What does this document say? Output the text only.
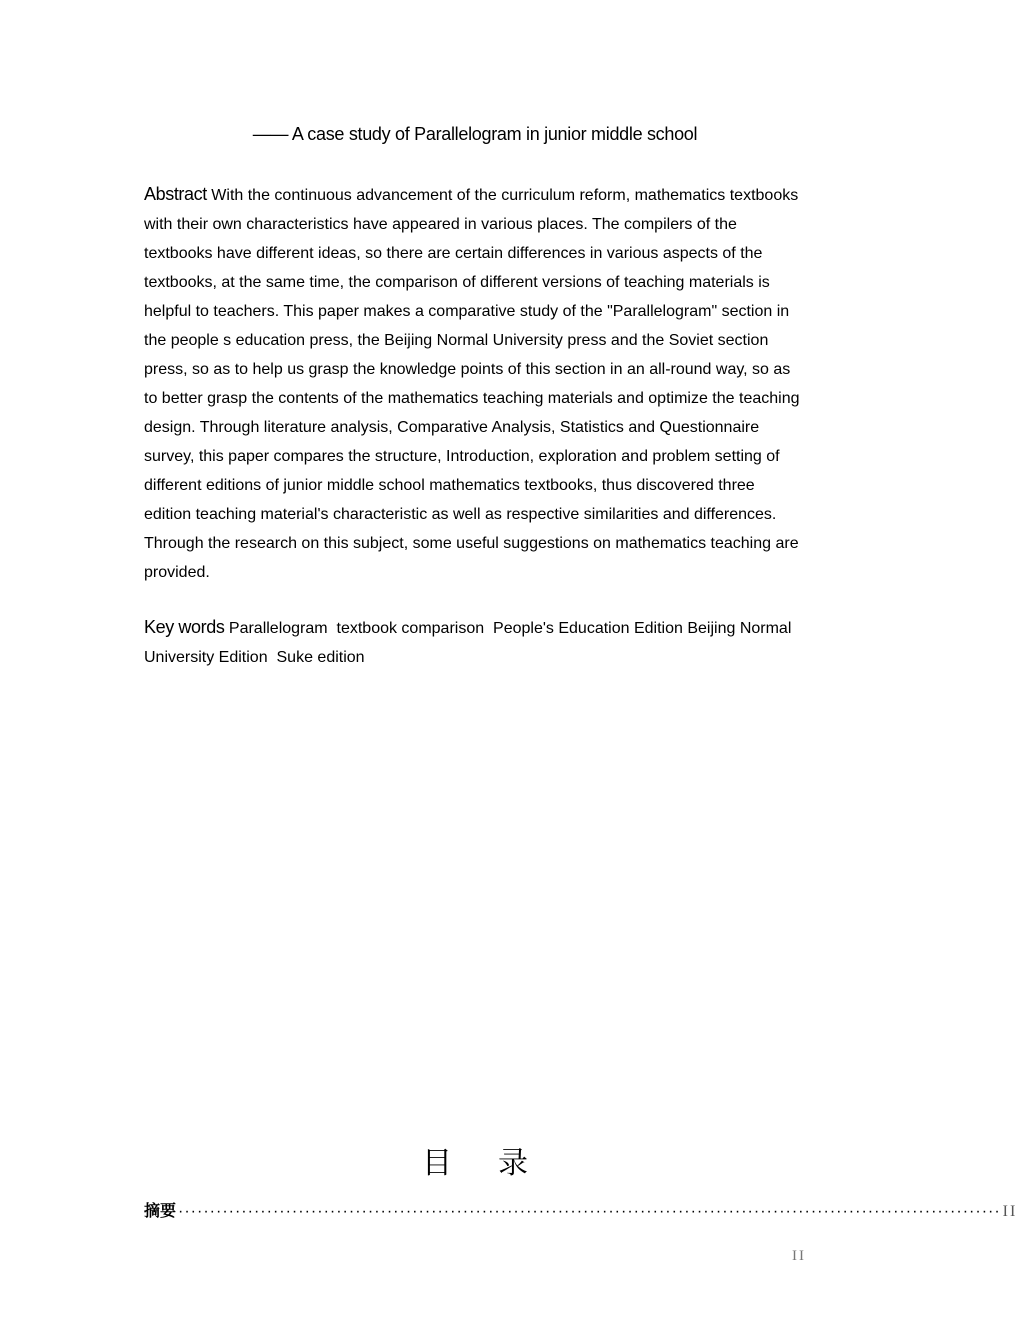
—— A case study of Parallelogram in junior middle school

Abstract With the continuous advancement of the curriculum reform, mathematics textbooks with their own characteristics have appeared in various places. The compilers of the textbooks have different ideas, so there are certain differences in various aspects of the textbooks, at the same time, the comparison of different versions of teaching materials is helpful to teachers. This paper makes a comparative study of the "Parallelogram" section in the people s education press, the Beijing Normal University press and the Soviet section press, so as to help us grasp the knowledge points of this section in an all-round way, so as to better grasp the contents of the mathematics teaching materials and optimize the teaching design. Through literature analysis, Comparative Analysis, Statistics and Questionnaire survey, this paper compares the structure, Introduction, exploration and problem setting of different editions of junior middle school mathematics textbooks, thus discovered three edition teaching material's characteristic as well as respective similarities and differences. Through the research on this subject, some useful suggestions on mathematics teaching are provided.

Key words Parallelogram textbook comparison People's Education Edition Beijing Normal University Edition Suke edition

目 录
摘要 ·································································································································· II
II
